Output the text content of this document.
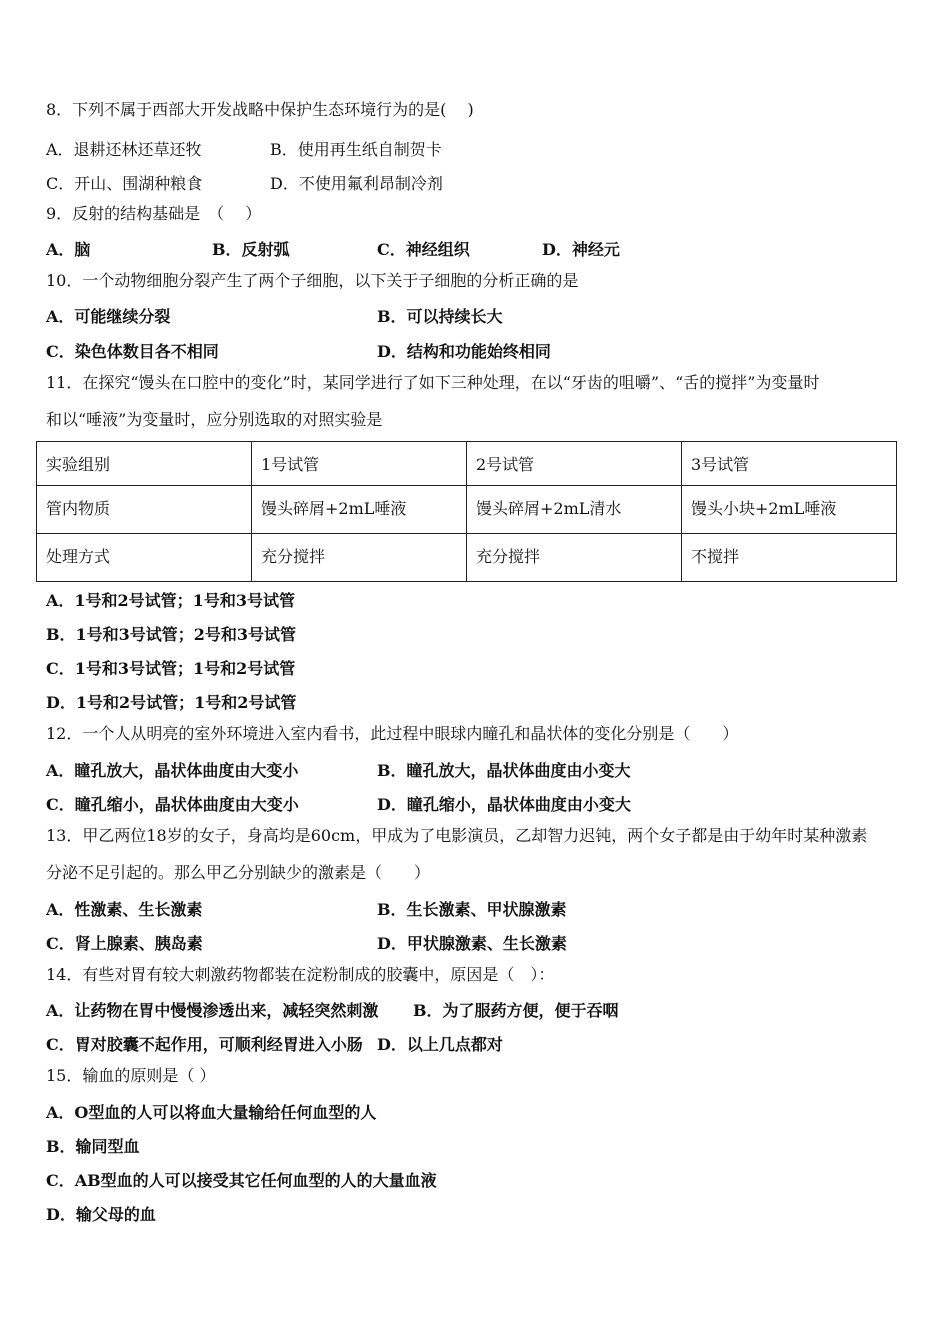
8．下列不属于西部大开发战略中保护生态环境行为的是(　 )
A．退耕还林还草还牧	B．使用再生纸自制贺卡
C．开山、围湖种粮食	D．不使用氟利昂制冷剂
9．反射的结构基础是　（　 ）
A．脑	B．反射弧	C．神经组织	D．神经元
10．一个动物细胞分裂产生了两个子细胞，以下关于子细胞的分析正确的是
A．可能继续分裂	B．可以持续长大
C．染色体数目各不相同	D．结构和功能始终相同
11．在探究“馒头在口腔中的变化”时，某同学进行了如下三种处理，在以“牙齿的咀嚼”、“舌的搅拌”为变量时
和以“唾液”为变量时，应分别选取的对照实验是
实验组别	1号试管	2号试管	3号试管
管内物质	馒头碎屑+2mL唾液	馒头碎屑+2mL清水	馒头小块+2mL唾液
处理方式	充分搅拌	充分搅拌	不搅拌
A．1号和2号试管；1号和3号试管
B．1号和3号试管；2号和3号试管
C．1号和3号试管；1号和2号试管
D．1号和2号试管；1号和2号试管
12．一个人从明亮的室外环境进入室内看书，此过程中眼球内瞳孔和晶状体的变化分别是（　　）
A．瞳孔放大，晶状体曲度由大变小	B．瞳孔放大，晶状体曲度由小变大
C．瞳孔缩小，晶状体曲度由大变小	D．瞳孔缩小，晶状体曲度由小变大
13．甲乙两位18岁的女子，身高均是60cm，甲成为了电影演员，乙却智力迟钝，两个女子都是由于幼年时某种激素
分泌不足引起的。那么甲乙分别缺少的激素是（　　）
A．性激素、生长激素	B．生长激素、甲状腺激素
C．肾上腺素、胰岛素	D．甲状腺激素、生长激素
14．有些对胃有较大刺激药物都装在淀粉制成的胶囊中，原因是（　）：
A．让药物在胃中慢慢渗透出来，减轻突然刺激 B．为了服药方便，便于吞咽
C．胃对胶囊不起作用，可顺利经胃进入小肠 D．以上几点都对
15．输血的原则是（ ）
A．O型血的人可以将血大量输给任何血型的人
B．输同型血
C．AB型血的人可以接受其它任何血型的人的大量血液
D．输父母的血
